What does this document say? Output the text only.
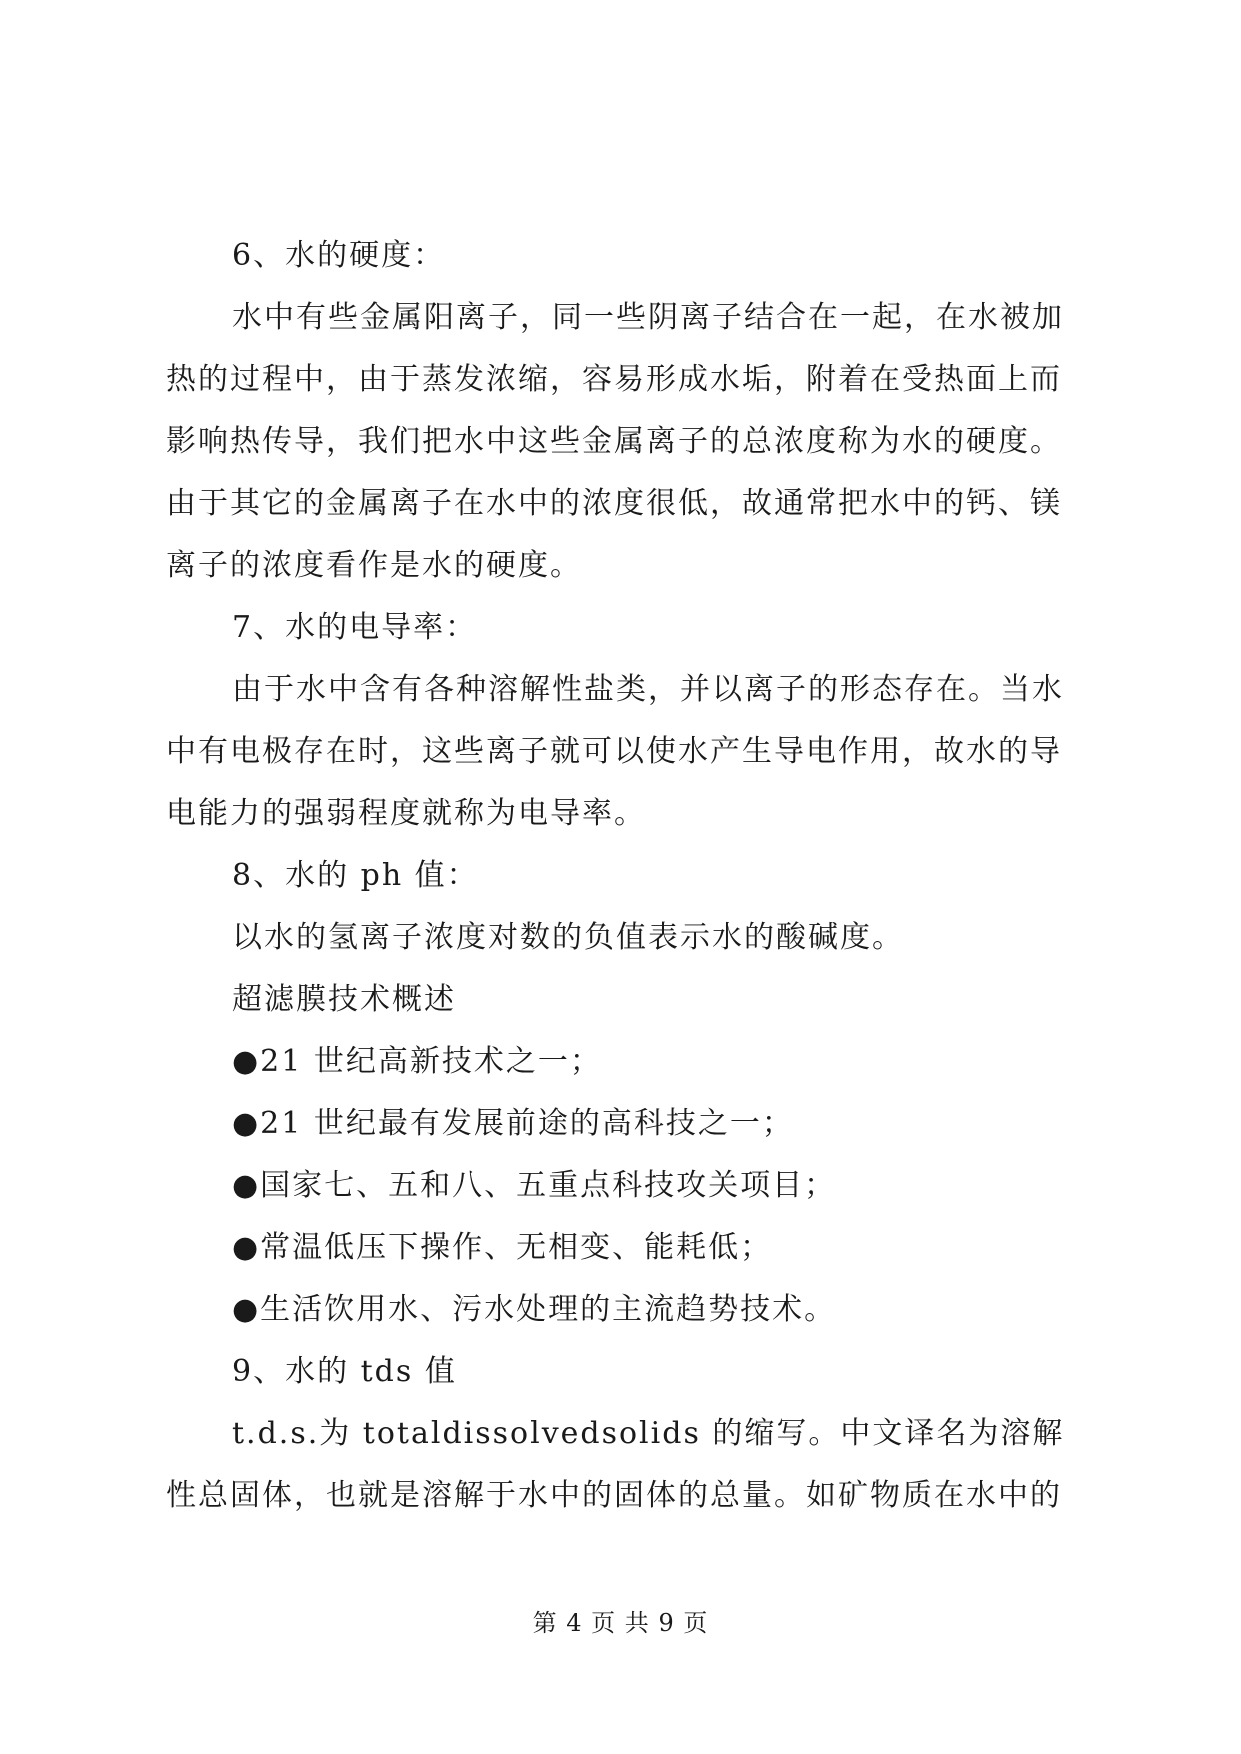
6、水的硬度：
水中有些金属阳离子，同一些阴离子结合在一起，在水被加
热的过程中，由于蒸发浓缩，容易形成水垢，附着在受热面上而
影响热传导，我们把水中这些金属离子的总浓度称为水的硬度。
由于其它的金属离子在水中的浓度很低，故通常把水中的钙、镁
离子的浓度看作是水的硬度。
7、水的电导率：
由于水中含有各种溶解性盐类，并以离子的形态存在。当水
中有电极存在时，这些离子就可以使水产生导电作用，故水的导
电能力的强弱程度就称为电导率。
8、水的 ph 值：
以水的氢离子浓度对数的负值表示水的酸碱度。
超滤膜技术概述
●21 世纪高新技术之一；
●21 世纪最有发展前途的高科技之一；
●国家七、五和八、五重点科技攻关项目；
●常温低压下操作、无相变、能耗低；
●生活饮用水、污水处理的主流趋势技术。
9、水的 tds 值
t.d.s.为 totaldissolvedsolids 的缩写。中文译名为溶解
性总固体，也就是溶解于水中的固体的总量。如矿物质在水中的
第 4 页 共 9 页
